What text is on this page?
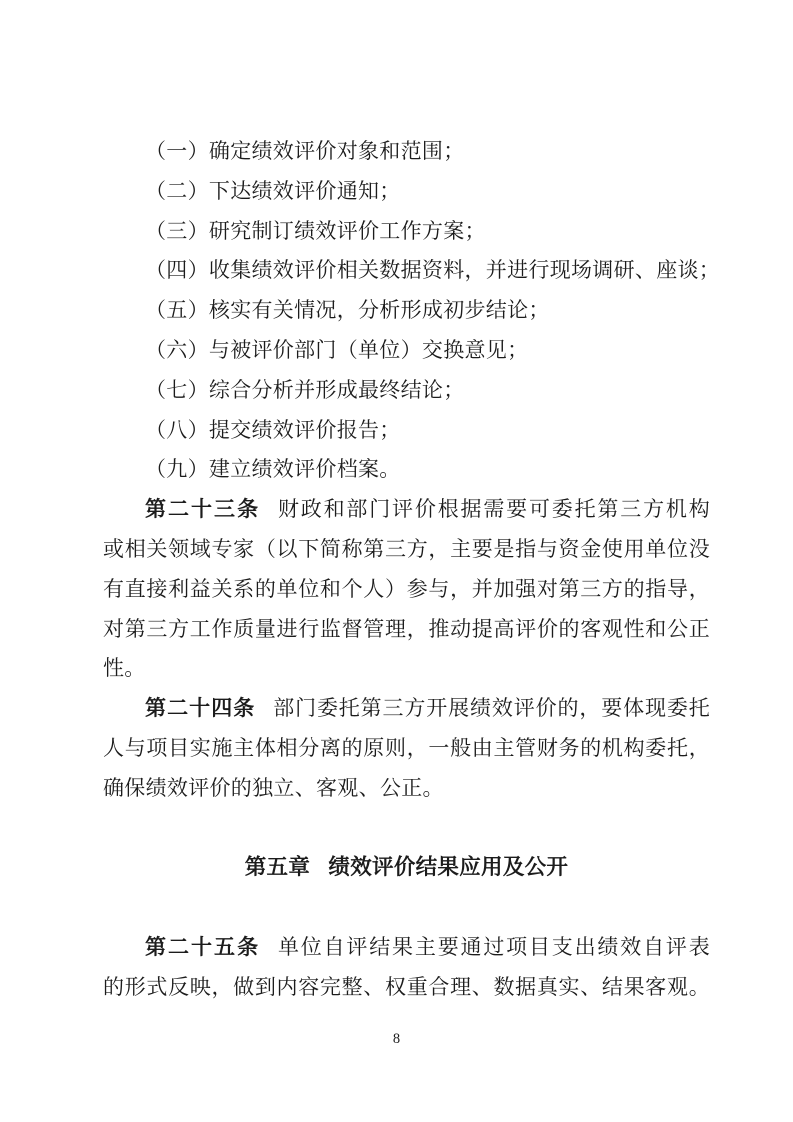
（一）确定绩效评价对象和范围；
（二）下达绩效评价通知；
（三）研究制订绩效评价工作方案；
（四）收集绩效评价相关数据资料，并进行现场调研、座谈；
（五）核实有关情况，分析形成初步结论；
（六）与被评价部门（单位）交换意见；
（七）综合分析并形成最终结论；
（八）提交绩效评价报告；
（九）建立绩效评价档案。
第二十三条 财政和部门评价根据需要可委托第三方机构
或相关领域专家（以下简称第三方，主要是指与资金使用单位没
有直接利益关系的单位和个人）参与，并加强对第三方的指导，
对第三方工作质量进行监督管理，推动提高评价的客观性和公正
性。
第二十四条 部门委托第三方开展绩效评价的，要体现委托
人与项目实施主体相分离的原则，一般由主管财务的机构委托，
确保绩效评价的独立、客观、公正。
第五章 绩效评价结果应用及公开
第二十五条 单位自评结果主要通过项目支出绩效自评表
的形式反映，做到内容完整、权重合理、数据真实、结果客观。
8
